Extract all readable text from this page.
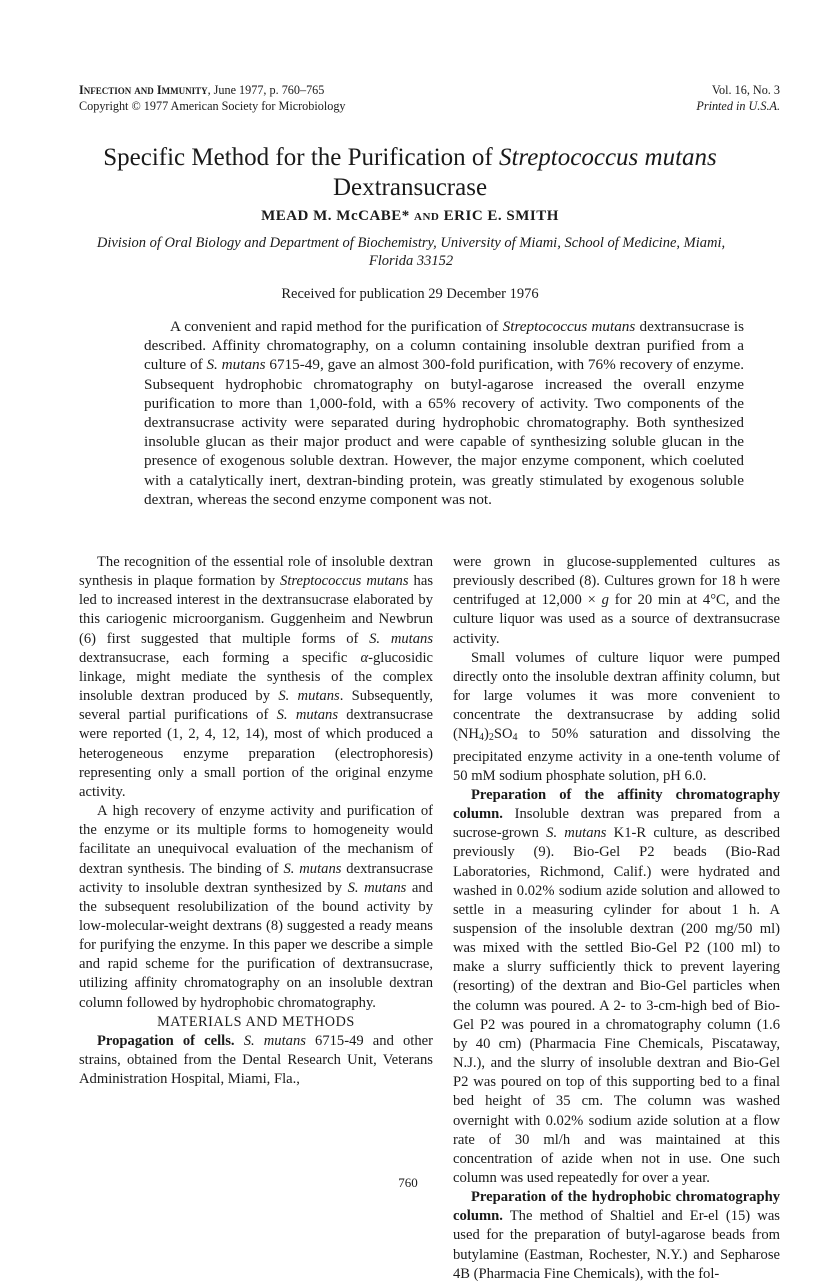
Infection and Immunity, June 1977, p. 760–765
Copyright © 1977 American Society for Microbiology
Vol. 16, No. 3
Printed in U.S.A.
Specific Method for the Purification of Streptococcus mutans
Dextransucrase
MEAD M. McCABE* AND ERIC E. SMITH
Division of Oral Biology and Department of Biochemistry, University of Miami, School of Medicine, Miami,
Florida 33152
Received for publication 29 December 1976
A convenient and rapid method for the purification of Streptococcus mutans dextransucrase is described. Affinity chromatography, on a column containing insoluble dextran purified from a culture of S. mutans 6715-49, gave an almost 300-fold purification, with 76% recovery of enzyme. Subsequent hydrophobic chromatography on butyl-agarose increased the overall enzyme purification to more than 1,000-fold, with a 65% recovery of activity. Two components of the dextransucrase activity were separated during hydrophobic chromatography. Both synthesized insoluble glucan as their major product and were capable of synthesizing soluble glucan in the presence of exogenous soluble dextran. However, the major enzyme component, which coeluted with a catalytically inert, dextran-binding protein, was greatly stimulated by exogenous soluble dextran, whereas the second enzyme component was not.

The recognition of the essential role of insoluble dextran synthesis in plaque formation by Streptococcus mutans has led to increased interest in the dextransucrase elaborated by this cariogenic microorganism. Guggenheim and Newbrun (6) first suggested that multiple forms of S. mutans dextransucrase, each forming a specific α-glucosidic linkage, might mediate the synthesis of the complex insoluble dextran produced by S. mutans. Subsequently, several partial purifications of S. mutans dextransucrase were reported (1, 2, 4, 12, 14), most of which produced a heterogeneous enzyme preparation (electrophoresis) representing only a small portion of the original enzyme activity.

A high recovery of enzyme activity and purification of the enzyme or its multiple forms to homogeneity would facilitate an unequivocal evaluation of the mechanism of dextran synthesis. The binding of S. mutans dextransucrase activity to insoluble dextran synthesized by S. mutans and the subsequent resolubilization of the bound activity by low-molecular-weight dextrans (8) suggested a ready means for purifying the enzyme. In this paper we describe a simple and rapid scheme for the purification of dextransucrase, utilizing affinity chromatography on an insoluble dextran column followed by hydrophobic chromatography.

MATERIALS AND METHODS

Propagation of cells. S. mutans 6715-49 and other strains, obtained from the Dental Research Unit, Veterans Administration Hospital, Miami, Fla.,

were grown in glucose-supplemented cultures as previously described (8). Cultures grown for 18 h were centrifuged at 12,000 × g for 20 min at 4°C, and the culture liquor was used as a source of dextransucrase activity.

Small volumes of culture liquor were pumped directly onto the insoluble dextran affinity column, but for large volumes it was more convenient to concentrate the dextransucrase by adding solid $(NH_4)_2SO_4$ to 50% saturation and dissolving the precipitated enzyme activity in a one-tenth volume of 50 mM sodium phosphate solution, pH 6.0.

Preparation of the affinity chromatography column. Insoluble dextran was prepared from a sucrose-grown S. mutans K1-R culture, as described previously (9). Bio-Gel P2 beads (Bio-Rad Laboratories, Richmond, Calif.) were hydrated and washed in 0.02% sodium azide solution and allowed to settle in a measuring cylinder for about 1 h. A suspension of the insoluble dextran (200 mg/50 ml) was mixed with the settled Bio-Gel P2 (100 ml) to make a slurry sufficiently thick to prevent layering (resorting) of the dextran and Bio-Gel particles when the column was poured. A 2- to 3-cm-high bed of Bio-Gel P2 was poured in a chromatography column (1.6 by 40 cm) (Pharmacia Fine Chemicals, Piscataway, N.J.), and the slurry of insoluble dextran and Bio-Gel P2 was poured on top of this supporting bed to a final bed height of 35 cm. The column was washed overnight with 0.02% sodium azide solution at a flow rate of 30 ml/h and was maintained at this concentration of azide when not in use. One such column was used repeatedly for over a year.

Preparation of the hydrophobic chromatography column. The method of Shaltiel and Er-el (15) was used for the preparation of butyl-agarose beads from butylamine (Eastman, Rochester, N.Y.) and Sepharose 4B (Pharmacia Fine Chemicals), with the fol-

760
